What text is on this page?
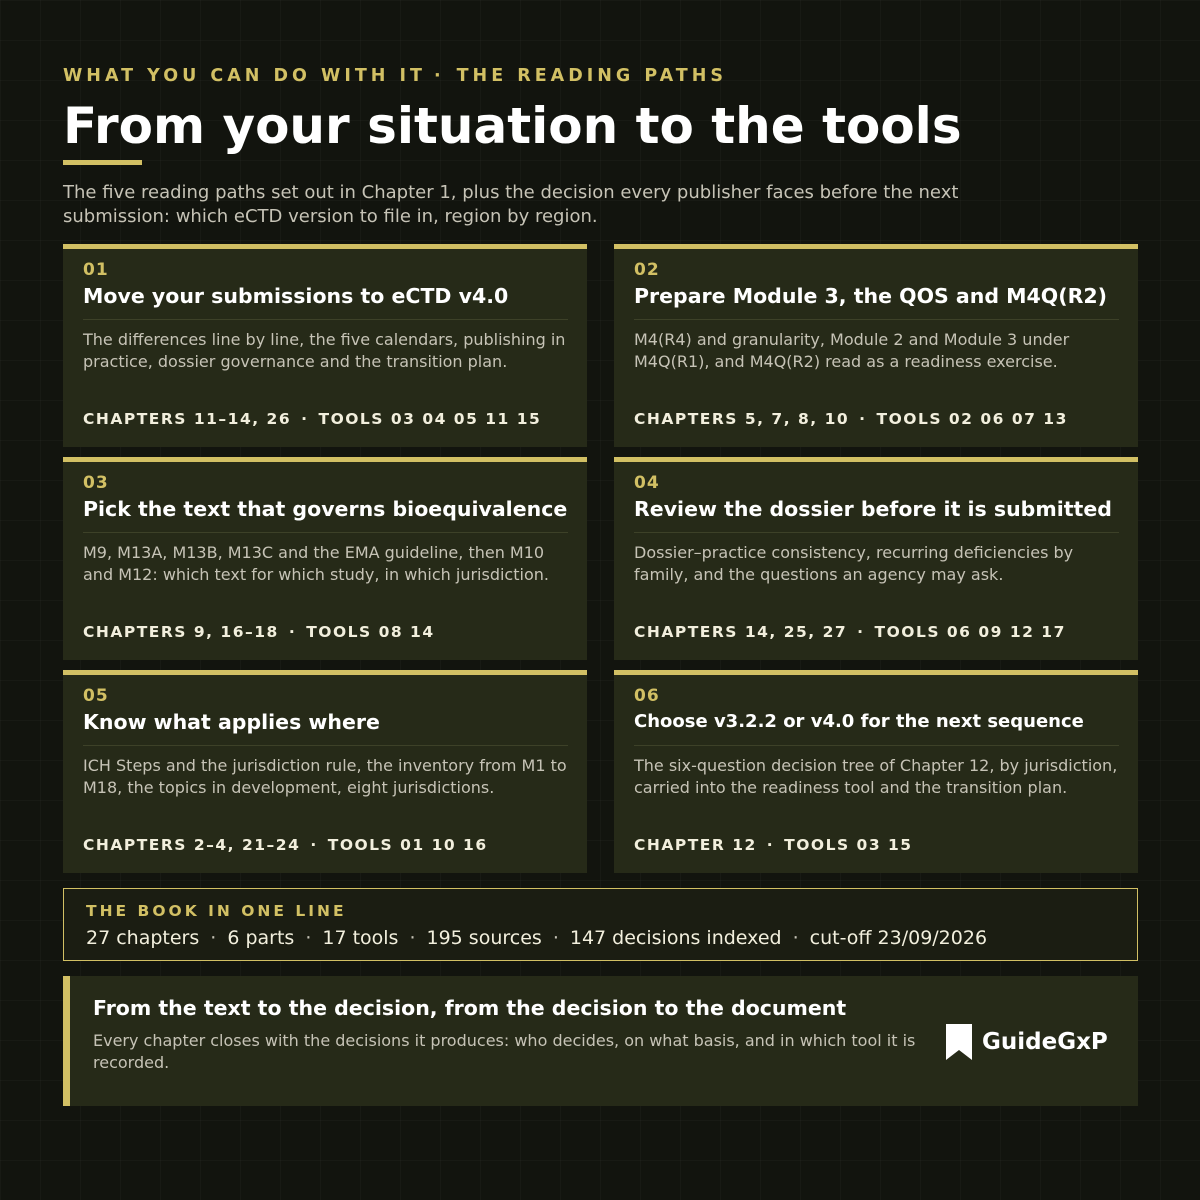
WHAT YOU CAN DO WITH IT · THE READING PATHS
From your situation to the tools
The five reading paths set out in Chapter 1, plus the decision every publisher faces before the next submission: which eCTD version to file in, region by region.
01
Move your submissions to eCTD v4.0
The differences line by line, the five calendars, publishing in practice, dossier governance and the transition plan.
CHAPTERS 11–14, 26 · TOOLS 03 04 05 11 15
02
Prepare Module 3, the QOS and M4Q(R2)
M4(R4) and granularity, Module 2 and Module 3 under M4Q(R1), and M4Q(R2) read as a readiness exercise.
CHAPTERS 5, 7, 8, 10 · TOOLS 02 06 07 13
03
Pick the text that governs bioequivalence
M9, M13A, M13B, M13C and the EMA guideline, then M10 and M12: which text for which study, in which jurisdiction.
CHAPTERS 9, 16–18 · TOOLS 08 14
04
Review the dossier before it is submitted
Dossier–practice consistency, recurring deficiencies by family, and the questions an agency may ask.
CHAPTERS 14, 25, 27 · TOOLS 06 09 12 17
05
Know what applies where
ICH Steps and the jurisdiction rule, the inventory from M1 to M18, the topics in development, eight jurisdictions.
CHAPTERS 2–4, 21–24 · TOOLS 01 10 16
06
Choose v3.2.2 or v4.0 for the next sequence
The six-question decision tree of Chapter 12, by jurisdiction, carried into the readiness tool and the transition plan.
CHAPTER 12 · TOOLS 03 15
THE BOOK IN ONE LINE
27 chapters · 6 parts · 17 tools · 195 sources · 147 decisions indexed · cut-off 23/09/2026
From the text to the decision, from the decision to the document
Every chapter closes with the decisions it produces: who decides, on what basis, and in which tool it is recorded.
GuideGxP
